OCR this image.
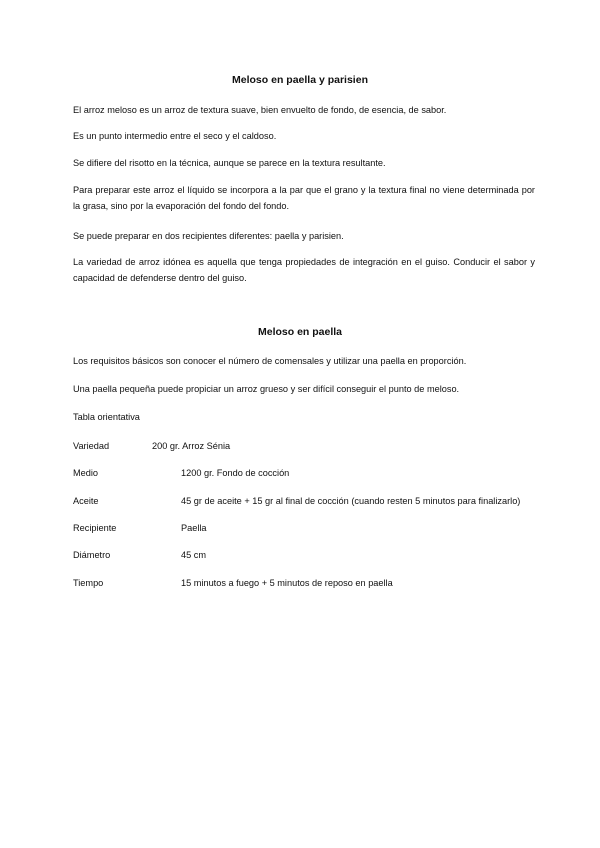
Meloso en paella y parisien
El arroz meloso es un arroz de textura suave, bien envuelto de fondo, de esencia, de sabor.
Es un punto intermedio entre el seco y el caldoso.
Se difiere del risotto en la técnica, aunque se parece en la textura resultante.
Para preparar este arroz el líquido se incorpora a la par que el grano y la textura final no viene determinada por la grasa, sino por la evaporación del fondo del fondo.
Se puede preparar en dos recipientes diferentes: paella y parisien.
La variedad de arroz idónea es aquella que tenga propiedades de integración en el guiso. Conducir el sabor y capacidad de defenderse dentro del guiso.
Meloso en paella
Los requisitos básicos son conocer el número de comensales y utilizar una paella en proporción.
Una paella pequeña puede propiciar un arroz grueso y ser difícil conseguir el punto de meloso.
Tabla orientativa
Variedad	200 gr. Arroz Sénia
Medio	1200 gr. Fondo de cocción
Aceite	45 gr de aceite + 15 gr al final de cocción (cuando resten 5 minutos para finalizarlo)
Recipiente	Paella
Diámetro	45 cm
Tiempo	15 minutos a fuego + 5 minutos de reposo en paella
